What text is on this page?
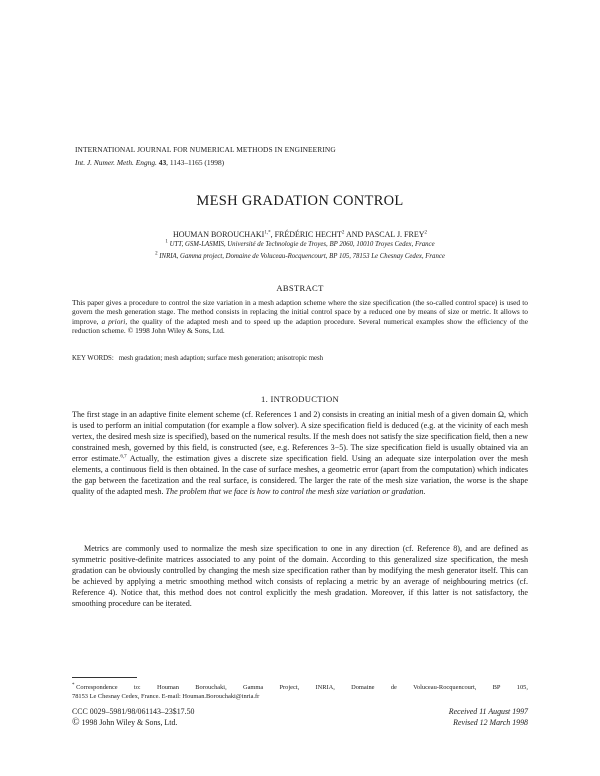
INTERNATIONAL JOURNAL FOR NUMERICAL METHODS IN ENGINEERING
Int. J. Numer. Meth. Engng. 43, 1143–1165 (1998)
MESH GRADATION CONTROL
HOUMAN $BOROUCHAKI^{1,*}$, FRÉDÉRIC HECHT$^2$ AND PASCAL J. FREY$^2$
$^1$ UTT, GSM-LASMIS, Université de Technologie de Troyes, BP 2060, 10010 Troyes Cedex, France
$^2$ INRIA, Gamma project, Domaine de Voluceau-Rocquencourt, BP 105, 78153 Le Chesnay Cedex, France
ABSTRACT
This paper gives a procedure to control the size variation in a mesh adaption scheme where the size specification (the so-called control space) is used to govern the mesh generation stage. The method consists in replacing the initial control space by a reduced one by means of size or metric. It allows to improve, a priori, the quality of the adapted mesh and to speed up the adaption procedure. Several numerical examples show the efficiency of the reduction scheme. © 1998 John Wiley & Sons, Ltd.
KEY WORDS: mesh gradation; mesh adaption; surface mesh generation; anisotropic mesh
1. INTRODUCTION
The first stage in an adaptive finite element scheme (cf. References 1 and 2) consists in creating an initial mesh of a given domain Ω, which is used to perform an initial computation (for example a flow solver). A size specification field is deduced (e.g. at the vicinity of each mesh vertex, the desired mesh size is specified), based on the numerical results. If the mesh does not satisfy the size specification field, then a new constrained mesh, governed by this field, is constructed (see, e.g. References 3−5). The size specification field is usually obtained via an error estimate.$^{6,7}$ Actually, the estimation gives a discrete size specification field. Using an adequate size interpolation over the mesh elements, a continuous field is then obtained. In the case of surface meshes, a geometric error (apart from the computation) which indicates the gap between the facetization and the real surface, is considered. The larger the rate of the mesh size variation, the worse is the shape quality of the adapted mesh. The problem that we face is how to control the mesh size variation or gradation.
Metrics are commonly used to normalize the mesh size specification to one in any direction (cf. Reference 8), and are defined as symmetric positive-definite matrices associated to any point of the domain. According to this generalized size specification, the mesh gradation can be obviously controlled by changing the mesh size specification rather than by modifying the mesh generator itself. This can be achieved by applying a metric smoothing method witch consists of replacing a metric by an average of neighbouring metrics (cf. Reference 4). Notice that, this method does not control explicitly the mesh gradation. Moreover, if this latter is not satisfactory, the smoothing procedure can be iterated.
* Correspondence	to:	Houman	Borouchaki,	Gamma	Project,	INRIA,	Domaine	de	Voluceau-Rocquencourt,	BP	105,
78153 Le Chesnay Cedex, France. E-mail: Houman.Borouchaki@inria.fr
CCC 0029–5981/98/061143–23$17.50
© 1998 John Wiley & Sons, Ltd.
Received 11 August 1997
Revised 12 March 1998
